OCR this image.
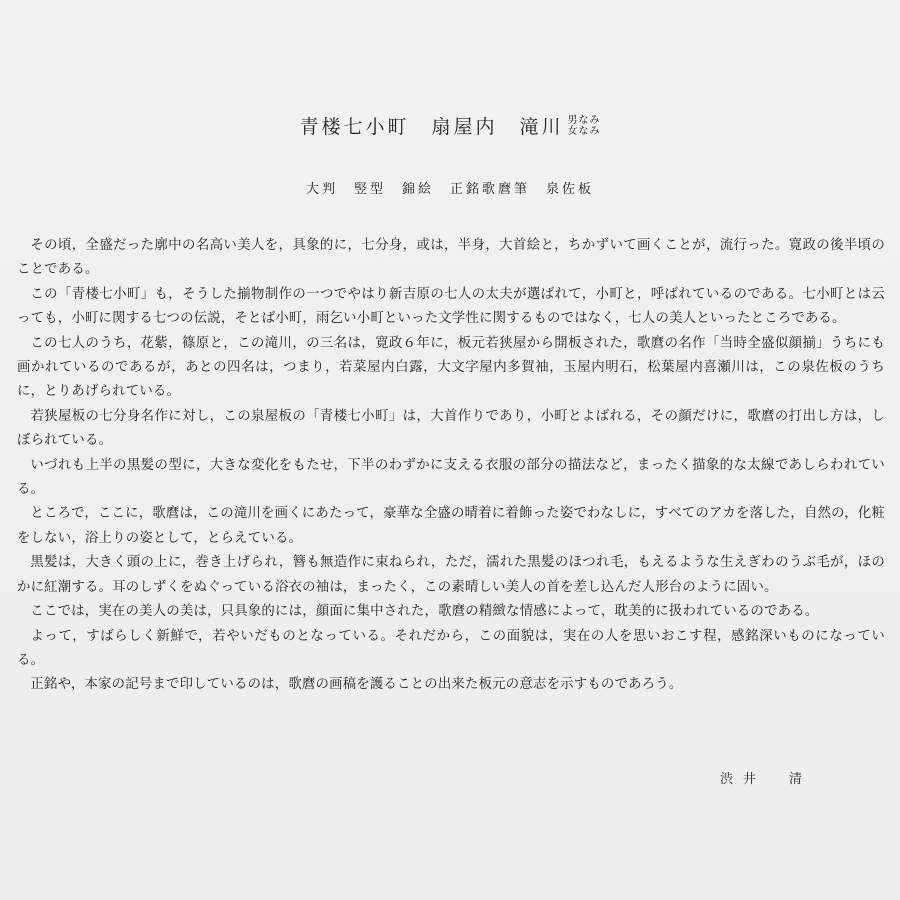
青楼七小町　扇屋内　滝川 男なみ
女なみ
大判　竪型　錦絵　正銘歌麿筆　泉佐板

その頃，全盛だった廓中の名高い美人を，具象的に，七分身，或は，半身，大首絵と，ちかずいて画くことが，流行った。寛政の後半頃のことである。

この「青楼七小町」も，そうした揃物制作の一つでやはり新吉原の七人の太夫が選ばれて，小町と，呼ばれているのである。七小町とは云っても，小町に関する七つの伝説，そとば小町，雨乞い小町といった文学性に関するものではなく，七人の美人といったところである。

この七人のうち，花紫，篠原と，この滝川，の三名は，寛政６年に，板元若狭屋から開板された，歌麿の名作「当時全盛似顔揃」うちにも画かれているのであるが，あとの四名は，つまり，若菜屋内白露，大文字屋内多賀袖，玉屋内明石，松葉屋内喜瀬川は，この泉佐板のうちに，とりあげられている。

若狭屋板の七分身名作に対し，この泉屋板の「青楼七小町」は，大首作りであり，小町とよばれる，その顔だけに，歌麿の打出し方は，しぼられている。

いづれも上半の黒髪の型に，大きな変化をもたせ，下半のわずかに支える衣服の部分の描法など，まったく描象的な太線であしらわれている。

ところで，ここに，歌麿は，この滝川を画くにあたって，豪華な全盛の晴着に着飾った姿でわなしに，すべてのアカを落した，自然の，化粧をしない，浴上りの姿として，とらえている。

黒髪は，大きく頭の上に，巻き上げられ，簪も無造作に束ねられ，ただ，濡れた黒髪のほつれ毛，もえるような生えぎわのうぶ毛が，ほのかに紅潮する。耳のしずくをぬぐっている浴衣の袖は，まったく，この素晴しい美人の首を差し込んだ人形台のように固い。

ここでは，実在の美人の美は，只具象的には，顔面に集中された，歌麿の精緻な情感によって，耽美的に扱われているのである。

よって，すばらしく新鮮で，若やいだものとなっている。それだから，この面貌は，実在の人を思いおこす程，感銘深いものになっている。

正銘や，本家の記号まで印しているのは，歌麿の画稿を護ることの出来た板元の意志を示すものであろう。

渋井　清
